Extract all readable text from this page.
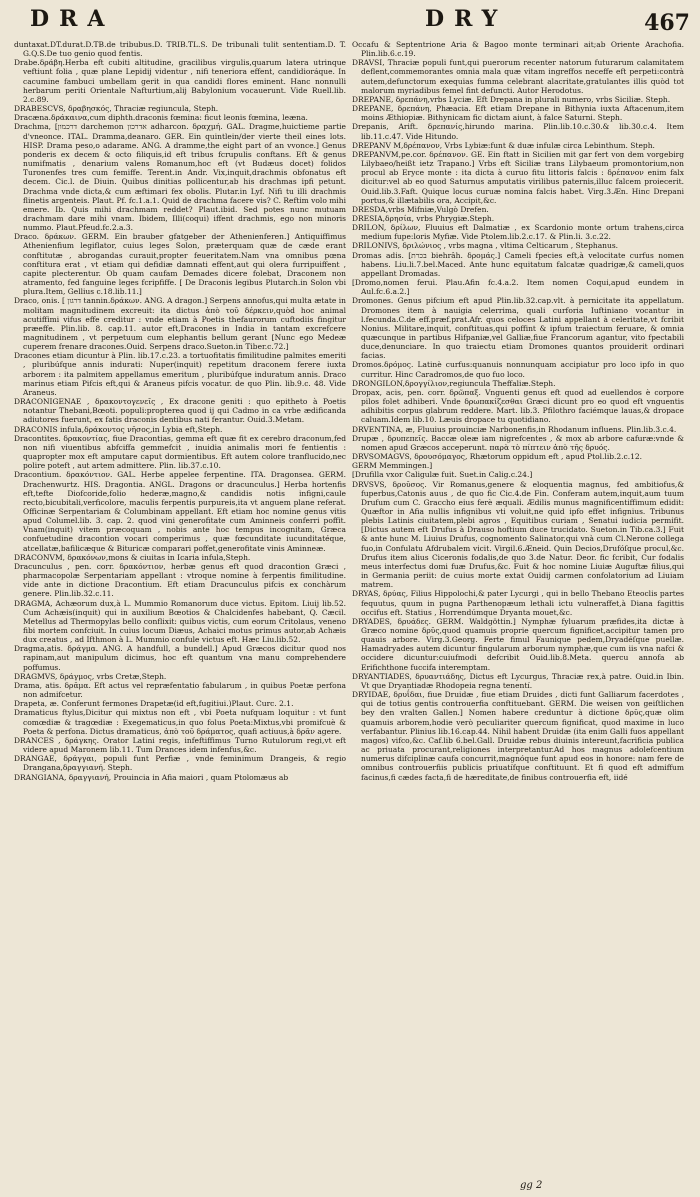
DRA	DRY	467

duntaxat.DT.durat.D.TB.de tribubus.D. TRIB.TL.S. De tribunali tulit sententiam.D. T. G.Q.S.De tuo genio quod fentis.

Drabe.δράβη.Herba eft cubiti altitudine, gracilibus virgulis,quarum latera utrinque veftiunt folia , quæ plane Lepidij videntur , nifi teneriora effent, candidioráque. In cacumine fambuci umbellam gerit in qua candidi flores eminent. Hanc nonnulli herbarum periti Orientale Nafturtium,alij Babylonium vocauerunt. Vide Ruell.lib. 2.c.89.

DRABESCVS, δραβησκός, Thraciæ regiuncula, Steph.

Dracæna.δράκαινα,cum diphth.draconis fœmina: ficut leonis fœmina, leæna.

Drachma, [דרכמון darchemon אדרכון adharcon. δραχμή. GAL. Dragme,huictieme partie d'vneonce. ITAL. Dramma,deanaro. GER. Ein quintlein/der vierte theil eines lots. HISP. Drama peso,o adarame. ANG. A dramme,the eight part of an vvonce.] Genus ponderis ex decem & octo filiquis,id eft tribus fcrupulis conftans. Eft & genus numifmatis , denarium valens Romanum,hoc eft (vt Budæus docet) folidos Turonenfes tres cum femiffe. Terent.in Andr. Vix,inquit,drachmis obfonatus eft decem. Cic.l. de Diuin. Quibus dinitias pollicentur,ab his drachmas ipfi petunt. Drachma vnde dicta,& cum æftimari fex obolis. Plutar.in Lyf. Nifi tu illi drachmis flinetis argenteis. Plaut. Pf. fc.1.a.1. Quid de drachma facere vis? C. Reftim volo mihi emere. Ib. Quis mihi drachmam reddet? Plaut.ibid. Sed potes nunc mutuam drachmam dare mihi vnam. Ibidem, Illi(coqui) iffent drachmis, ego non minoris nummo. Plaut.Pfeud.fc.2.a.3.

Draco. δράκων. GERM. Ein brauber gfatgeber der Athenienferen.] Antiquiffimus Athenienfium legiflator, cuius leges Solon, præterquam quæ de cæde erant conftitutæ , abrogandas curauit,propter feueritatem.Nam vna omnibus pœna conftitura erat , vt etiam qui defidiæ damnati effent,aut qui olera furripuiffent , capite plecterentur. Ob quam caufam Demades dicere folebat, Draconem non atramento, fed fanguine leges fcripfiffe. [ De Draconis legibus Plutarch.in Solon vbi plura.Item, Gellius c.18.lib.11.]

Draco, onis. [ דרגון tannin.δράκων. ANG. A dragon.] Serpens annofus,qui multa ætate in molitam magnitudinem excreuit: ita dictus ἀπὸ τοῦ δέρκειν,quòd hoc animal acutiffimi vifus effe creditur : vnde etiam à Poetis thefaurorum cuftodiis fingitur præeffe. Plin.lib. 8. cap.11. autor eft,Dracones in India in tantam excrefcere magnitudinem , vt perpetuum cum elephantis bellum gerant [Nunc ego Medeæ cuperem frenare dracones.Ouid. Serpens draco.Sueton.in Tiber.c.72.]

Dracones etiam dicuntur à Plin. lib.17.c.23. a tortuofitatis fimilitudine palmites emeriti , pluribúfque annis indurati: Nuper(inquit) repetitum draconem ferere iuxta arborem : ita palmitem appellamus emeritum , pluribúfque induratum annis. Draco marinus etiam Pifcis eft,qui & Araneus pifcis vocatur. de quo Plin. lib.9.c. 48. Vide Araneus.

DRACONIGENAE , δρακοντογενεῖς , Ex dracone geniti : quo epitheto à Poetis notantur Thebani,Bœoti. populi:propterea quod ij qui Cadmo in ca vrbe ædificanda adiutores fuerunt, ex fatis draconis dentibus nati ferantur. Ouid.3.Metam.

DRACONIS infula,δράκοντος νῆσος,in Lybia eft,Steph.

Dracontites. δρακοντίας, fiue Dracontias, gemma eft quæ fit ex cerebro draconum,fed non nifi viuentibus abfciffa gemmefcit , inuidia animalis mori fe fentientis : quapropter mox eft amputare caput dormientibus. Eft autem colore tranflucido,nec polire poteft , aut artem admittere. Plin. lib.37.c.10.

Dracontium. δρακόντιον. GAL. Herbe appelee ferpentine. ITA. Dragonsea. GERM. Drachenwurtz. HIS. Dragontia. ANGL. Dragons or dracunculus.] Herba hortenfis eft,tefte Diofcoride,folio hederæ,magno,& candidis notis infigni,caule recto,bicubitali,verficolore, maculis ferpentis purpureis,ita vt anguem plane referat. Officinæ Serpentariam & Columbinam appellant. Eft etiam hoc nomine genus vitis apud Columel.lib. 3. cap. 2. quod vini generofitate cum Aminneis conferri poffit. Vnam(inquit) vitem præcoquam , nobis ante hoc tempus incognitam, Græca confuetudine dracontion vocari comperimus , quæ fœcunditate iucunditatéque, atcellatæ,bafilicæque & Bituricæ comparari poffet,generofitate vinis Aminneæ.

DRACONVM, δρακόνων,mons & ciuitas in Icaria infula,Steph.

Dracunculus , pen. corr. δρακόντιον, herbæ genus eft quod dracontion Græci , pharmacopolæ Serpentariam appellant : vtroque nomine à ferpentis fimilitudine. vide ante in dictione Dracontium. Eft etiam Dracunculus pifcis ex conchàrum genere. Plin.lib.32.c.11.

DRAGMA, Achæorum dux,à L. Mummio Romanorum duce victus. Epitom. Liuij lib.52. Cum Achæis(inquit) qui in auxilium Bœotios & Chalcidenfes habebant, Q. Cæcil. Metellus ad Thermopylas bello conflixit: quibus victis, cum eorum Critolaus, veneno fibi mortem confciuit. In cuius locum Diæus, Achaici motus primus autor,ab Achæis dux creatus , ad Ifthmon à L. Mummio confule victus eft. Hæc Liu.lib.52.

Dragma,atis. δράγμα. ANG. A handfull, a bundell.] Apud Græcos dicitur quod nos rapinam,aut manipulum dicimus, hoc eft quantum vna manu comprehendere poffumus.

DRAGMVS, δράγμος, vrbs Cretæ,Steph.

Drama, atis. δρᾶμα. Eft actus vel repræfentatio fabularum , in quibus Poetæ perfona non admifcetur.

Drapeta, æ. Conferunt fermones Drapetæ(id eft,fugitiui.)Plaut. Curc. 2.1.

Dramaticus ftylus,Dicitur qui mixtus non eft , vbi Poeta nufquam loquitur : vt funt comœdiæ & tragœdiæ : Exegematicus,in quo folus Poeta:Mixtus,vbi promifcuè & Poeta & perfona. Dictus dramaticus, ἀπὸ τοῦ δράματος, quafi actiuus,à δρᾶν agere.

DRANCES , δράγκης. Orator Latini regis, infeftiffimus Turno Rutulorum regi,vt eft videre apud Maronem lib.11. Tum Drances idem infenfus,&c.

DRANGAE, δράγγαι, populi funt Perfiæ , vnde feminimum Drangeis, & regio Drangana,δραγγιανή. Steph.

DRANGIANA, δραγγιανή, Prouincia in Afia maiori , quam Ptolomæus ab

Occafu & Septentrione Aria & Bagoo monte terminari ait;ab Oriente Arachofia. Plin.lib.6.c.19.

DRAVSI, Thraciæ populi funt,qui puerorum recenter natorum futurarum calamitatem deflent,commemorantes omnia mala quæ vitam ingreffos neceffe eft perpeti:contrà autem,defunctorum exequias fumma celebrant alacritate,gratulantes illis quòd tot malorum myriadibus femel fint defuncti. Autor Herodotus.

DREPANE, δρεπάνη,vrbs Lyciæ. Eft Drepana in plurali numero, vrbs Siciliæ. Steph.

DREPANE, δρεπάνη, Phæacia. Eft etiam Drepane in Bithynia iuxta Aftacenum,item moins Æthiopiæ. Bithynicam fic dictam aiunt, à falce Saturni. Steph.

Drepanis, Arift. δρεπανίς,hirundo marina. Plin.lib.10.c.30.& lib.30.c.4. Item lib.11.c.47. Vide Hitundo.

DREPANV M,δρέπανον, Vrbs Lybiæ:funt & duæ infulæ circa Lebinthum. Steph.

DREPANVM,pe.cor. δρέπανον. GE. Ein ftatt in Sicilien mit gar fert von dem vorgebirg Lilybaeo/heißt ietz Trapano.] Vrbs eft Siciliæ trans Lilybaeum promontorium,non procul ab Eryce monte : ita dicta à curuo fitu littoris falcis : δρέπανον enim falx dicitur:vel ab eo quod Saturnus amputatis virilibus paternis,illuc falcem proiecerit. Ouid.lib.3.Faft. Quique locus curuæ nomina falcis habet. Virg.3.Æn. Hinc Drepani portus,& illætabilis ora, Accipit,&c.

DRESDA,vrbs Mifniæ,Vulgò Drefen.

DRESIA,δρησία, vrbs Phrygiæ.Steph.

DRILON, δρίλων, Fluuius eft Dalmatiæ , ex Scardonio monte ortum trahens,circa medium fupe:loris Myfiæ. Vide Ptolem.lib.2.c.17. & Plin.li. 3.c.22.

DRILONIVS, δριλώνιος , vrbs magna , vltima Celticarum , Stephanus.

Dromas adis. [בכרת biehrâh. δρομάς.] Cameli fpecies eft,à velocitate curfus nomen habens. Liu.li.7.bel.Maced. Ante hunc equitatum falcatæ quadrigæ,& cameli,quos appellant Dromadas.

[Dromo,nomen ferui. Plau.Afin fc.4.a.2. Item nomen Coqui,apud eundem in Aul.fc.6.a.2.]

Dromones. Genus pifcium eft apud Plin.lib.32.cap.vlt. à pernicitate ita appellatum. Dromones item à nauigia celerrima, quali curforia Iuftiniano vocantur in l.fecunda.C.de eff.præf.prat.Afr. quos celoces Latini appellant à celeritate,vt fcribit Nonius. Militare,inquit, conftituas,qui poffint & ipfum traiectum feruare, & omnia quæcunque in partibus Hifpaniæ,vel Galliæ,fiue Francorum agantur, vito fpectabili duce,denunciare. In quo traiectu etiam Dromones quantos prouiderit ordinari facias.

Dromos.δρόμος. Latinè curfus:quanuis nonnunquam accipiatur pro loco ipfo in quo curritur. Hinc Caradromos,de quo fuo loco.

DRONGILON,δρογγίλιον,regiuncula Theffaliæ.Steph.

Dropax, acis, pen. corr. δρῶπαξ. Vnguenti genus eft quod ad euellendos è corpore pilos folet adhiberi. Vnde δρωπακίζεσθαι Græci dicunt pro eo quod eft vnguentis adhibitis corpus glabrum reddere. Mart. lib.3. Pfilothro faciémque lauas,& dropace caluam.Idem lib.10. Læuis dropace tu quotidiano.

DRVENTINA, æ, Fluuius prouinciæ Narbonenfis,in Rhodanum influens. Plin.lib.3.c.4.

Drupæ , δρυπεπεῖς. Baccæ oleæ iam nigrefcentes , & mox ab arbore cafuræ:vnde & nomen apud Græcos acceperunt. παρὰ τὸ πίπτειν ἀπὸ τῆς δρυός.

DRVSOMAGVS, δρουσόμαγος, Rhætorum oppidum eft , apud Ptol.lib.2.c.12.

GERM Memmingen.]

[Drufilla vxor Caligulæ fuit. Suet.in Calig.c.24.]

DRVSVS, δροῦσος. Vir Romanus,genere & eloquentia magnus, fed ambitiofus,& fuperbus,Catonis auus , de quo fic Cic.4.de Fin. Conferam autem,inquit,aum tuum Drufum cum C. Graccho eius ferè æquali. Ædilis munus magnificentiffimum edidit: Quæftor in Afia nullis infignibus vti voluit,ne quid ipfo effet infignius. Tribunus plebis Latinis ciuitatem,plebi agros , Equitibus curiam , Senatui iudicia permifit. [Dictus autem eft Drufus à Drauso hoftium duce trucidato. Sueton.in Tib.ca.3.] Fuit & ante hunc M. Liuius Drufus, cognomento Salinator,qui vnà cum Cl.Nerone collega fuo,in Confulatu Afdrubalem vicit. Virgil.6.Æneid. Quin Decios,Drufóſque procul,&c. Drufus item alius Ciceronis fodalis,de quo 3.de Natur. Deor. fic fcribit, Cur fodalis meus interfectus domi fuæ Drufus,&c. Fuit & hoc nomine Liuiæ Auguftæ filius,qui in Germania periit: de cuius morte extat Ouidij carmen confolatorium ad Liuiam matrem.

DRYAS, δρύας, Filius Hippolochi,& pater Lycurgi , qui in bello Thebano Eteoclis partes fequutus, quum in pugna Parthenopæum lethali ictu vulneraffet,à Diana fagittis occifus eft. Statius , Horrendúmque Dryanta mouet,&c.

DRYADES, δρυάδες. GERM. Waldgöttin.] Nymphæ fyluarum præfides,ita dictæ à Græco nomine δρῦς,quod quamuis proprie quercum fignificet,accipitur tamen pro quauis arbore. Virg.3.Georg. Ferte fimul Faunique pedem,Dryadéſque puellæ. Hamadryades autem dicuntur fingularum arborum nymphæ,que cum iis vna nafci & occidere dicuntur:cuiufmodi defcribit Ouid.lib.8.Meta. quercu annofa ab Erifichthone fuccifa interemptam.

DRYANTIADES, δρυαντιάδης, Dictus eft Lycurgus, Thraciæ rex,à patre. Ouid.in Ibin. Vt que Dryantiadæ Rhodopeia regna tenentí.

DRYIDAE, δρυΐδαι, fiue Druidæ , fiue etiam Druides , dicti funt Galliarum facerdotes , qui de totius gentis controuerfia conftituebant. GERM. Die weisen von geiſtlichen bey den vralten Gallen.] Nomen habere creduntur à dictione δρῦς,quæ olim quamuis arborem,hodie verò peculiariter quercum fignificat, quod maxime in luco verfabantur. Plinius lib.16.cap.44. Nihil habent Druidæ (ita enim Galli fuos appellant magos) vifco,&c. Caf.lib 6.bel.Gall. Druidæ rebus diuinis intereunt,facrificia publica ac priuata procurant,religiones interpretantur.Ad hos magnus adolefcentium numerus difciplinæ caufa concurrit,magnóque funt apud eos in honore: nam fere de omnibus controuerfiis publicis priuatífque conftituunt. Et fi quod eft admiffum facinus,fi cædes facta,fi de hæreditate,de finibus controuerfia eft, iidé

gg 2
